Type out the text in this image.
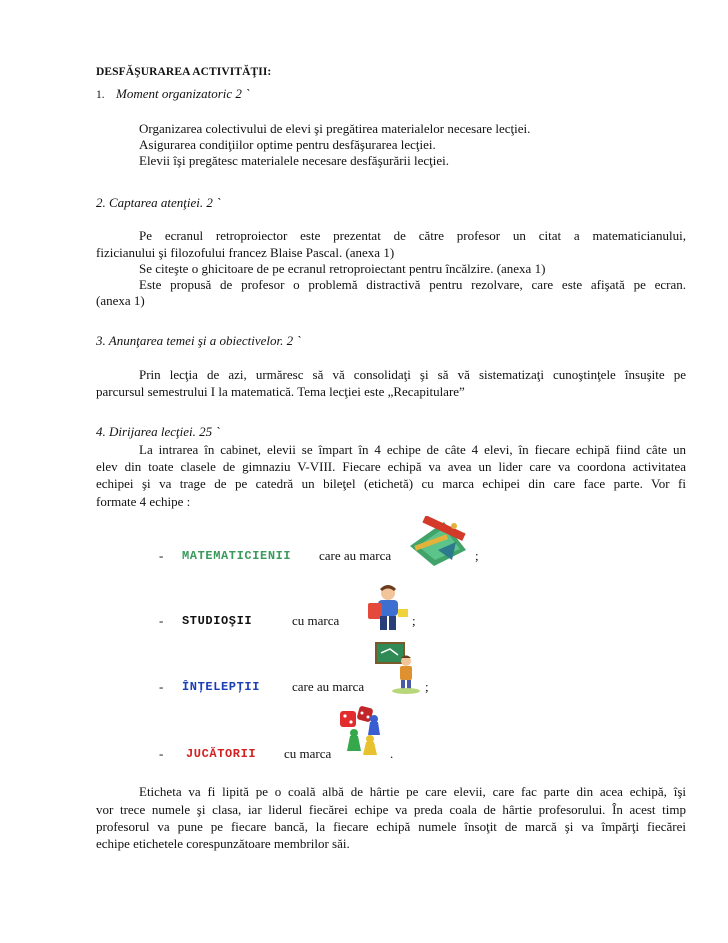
DESFĂŞURAREA ACTIVITĂŢII:
1. Moment organizatoric 2 `
Organizarea colectivului de elevi şi pregătirea materialelor necesare lecţiei.
Asigurarea condiţiilor optime pentru desfăşurarea lecţiei.
Elevii îşi pregătesc materialele necesare desfăşurării lecţiei.
2. Captarea atenţiei. 2 `
Pe ecranul retroproiector este prezentat de către profesor un citat a matematicianului,
fizicianului şi filozofului francez Blaise Pascal. (anexa 1)
Se citeşte o ghicitoare de pe ecranul retroproiectant pentru încălzire. (anexa 1)
Este propusă de profesor o problemă distractivă pentru rezolvare, care este afişată pe ecran.
(anexa 1)
3. Anunţarea temei şi a obiectivelor. 2 `
Prin lecţia de azi, urmăresc să vă consolidaţi şi să vă sistematizaţi cunoştinţele însuşite pe
parcursul semestrului I la matematică. Tema lecţiei este „Recapitulare”
4. Dirijarea lecţiei. 25 `
La intrarea în cabinet, elevii se împart în 4 echipe de câte 4 elevi, în fiecare echipă fiind câte un
elev din toate clasele de gimnaziu V-VIII. Fiecare echipă va avea un lider care va coordona activitatea
echipei şi va trage de pe catedră un bileţel (etichetă) cu marca echipei din care face parte. Vor fi
formate 4 echipe :
- MATEMATICIENII care au marca	;
- STUDIOŞII	cu marca	;
- ÎNŢELEPŢII care au marca	;
- JUCĂTORII cu marca	.
Eticheta va fi lipită pe o coală albă de hârtie pe care elevii, care fac parte din acea echipă, îşi
vor trece numele şi clasa, iar liderul fiecărei echipe va preda coala de hârtie profesorului. În acest timp
profesorul va pune pe fiecare bancă, la fiecare echipă numele însoţit de marcă şi va împărţi fiecărei
echipe etichetele corespunzătoare membrilor săi.
